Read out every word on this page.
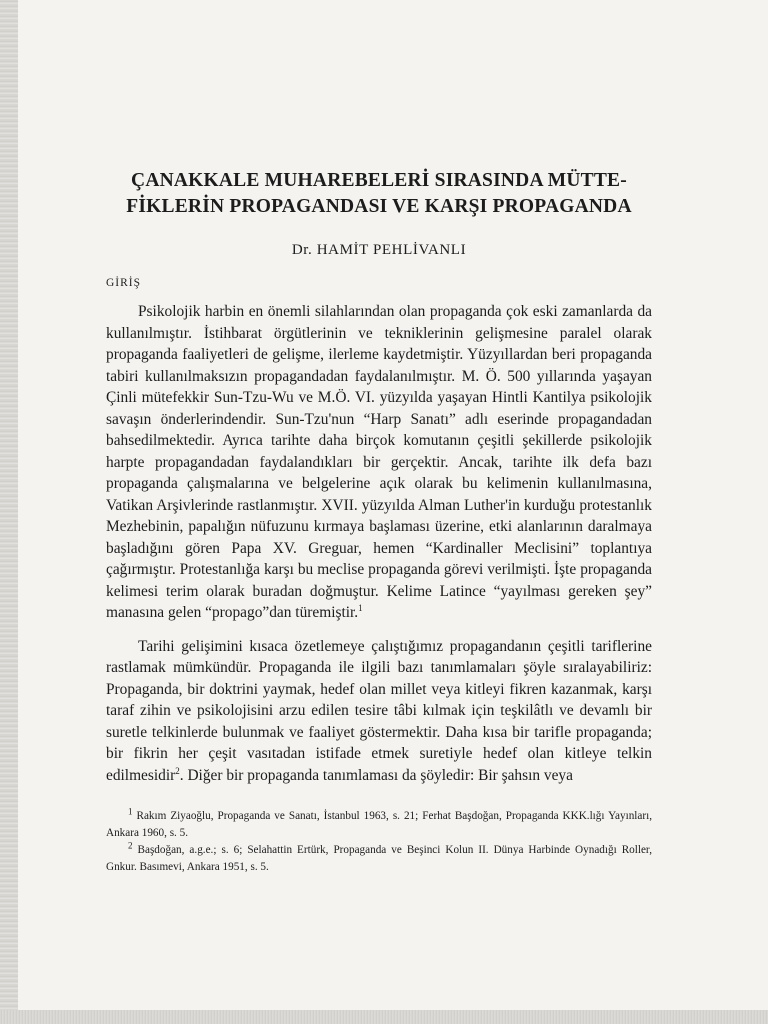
ÇANAKKALE MUHAREBELERİ SIRASINDA MÜTTE-
FİKLERİN PROPAGANDASI VE KARŞI PROPAGANDA
Dr. HAMİT PEHLİVANLI
GİRİŞ

Psikolojik harbin en önemli silahlarından olan propaganda çok eski zamanlarda da kullanılmıştır. İstihbarat örgütlerinin ve tekniklerinin gelişmesine paralel olarak propaganda faaliyetleri de gelişme, ilerleme kaydetmiştir. Yüzyıllardan beri propaganda tabiri kullanılmaksızın propagandadan faydalanılmıştır. M. Ö. 500 yıllarında yaşayan Çinli mütefekkir Sun-Tzu-Wu ve M.Ö. VI. yüzyılda yaşayan Hintli Kantilya psikolojik savaşın önderlerindendir. Sun-Tzu'nun “Harp Sanatı” adlı eserinde propagandadan bahsedilmektedir. Ayrıca tarihte daha birçok komutanın çeşitli şekillerde psikolojik harpte propagandadan faydalandıkları bir gerçektir. Ancak, tarihte ilk defa bazı propaganda çalışmalarına ve belgelerine açık olarak bu kelimenin kullanılmasına, Vatikan Arşivlerinde rastlanmıştır. XVII. yüzyılda Alman Luther'in kurduğu protestanlık Mezhebinin, papalığın nüfuzunu kırmaya başlaması üzerine, etki alanlarının daralmaya başladığını gören Papa XV. Greguar, hemen “Kardinaller Meclisini” toplantıya çağırmıştır. Protestanlığa karşı bu meclise propaganda görevi verilmişti. İşte propaganda kelimesi terim olarak buradan doğmuştur. Kelime Latince “yayılması gereken şey” manasına gelen “propago”dan türemiştir.$^1$

Tarihi gelişimini kısaca özetlemeye çalıştığımız propagandanın çeşitli tariflerine rastlamak mümkündür. Propaganda ile ilgili bazı tanımlamaları şöyle sıralayabiliriz: Propaganda, bir doktrini yaymak, hedef olan millet veya kitleyi fikren kazanmak, karşı taraf zihin ve psikolojisini arzu edilen tesire tâbi kılmak için teşkilâtlı ve devamlı bir suretle telkinlerde bulunmak ve faaliyet göstermektir. Daha kısa bir tarifle propaganda; bir fikrin her çeşit vasıtadan istifade etmek suretiyle hedef olan kitleye telkin edilmesidir$^2$. Diğer bir propaganda tanımlaması da şöyledir: Bir şahsın veya

$^1$ Rakım Ziyaoğlu, Propaganda ve Sanatı, İstanbul 1963, s. 21; Ferhat Başdoğan, Propaganda KKK.lığı Yayınları, Ankara 1960, s. 5.

$^2$ Başdoğan, a.g.e.; s. 6; Selahattin Ertürk, Propaganda ve Beşinci Kolun II. Dünya Harbinde Oynadığı Roller, Gnkur. Basımevi, Ankara 1951, s. 5.
